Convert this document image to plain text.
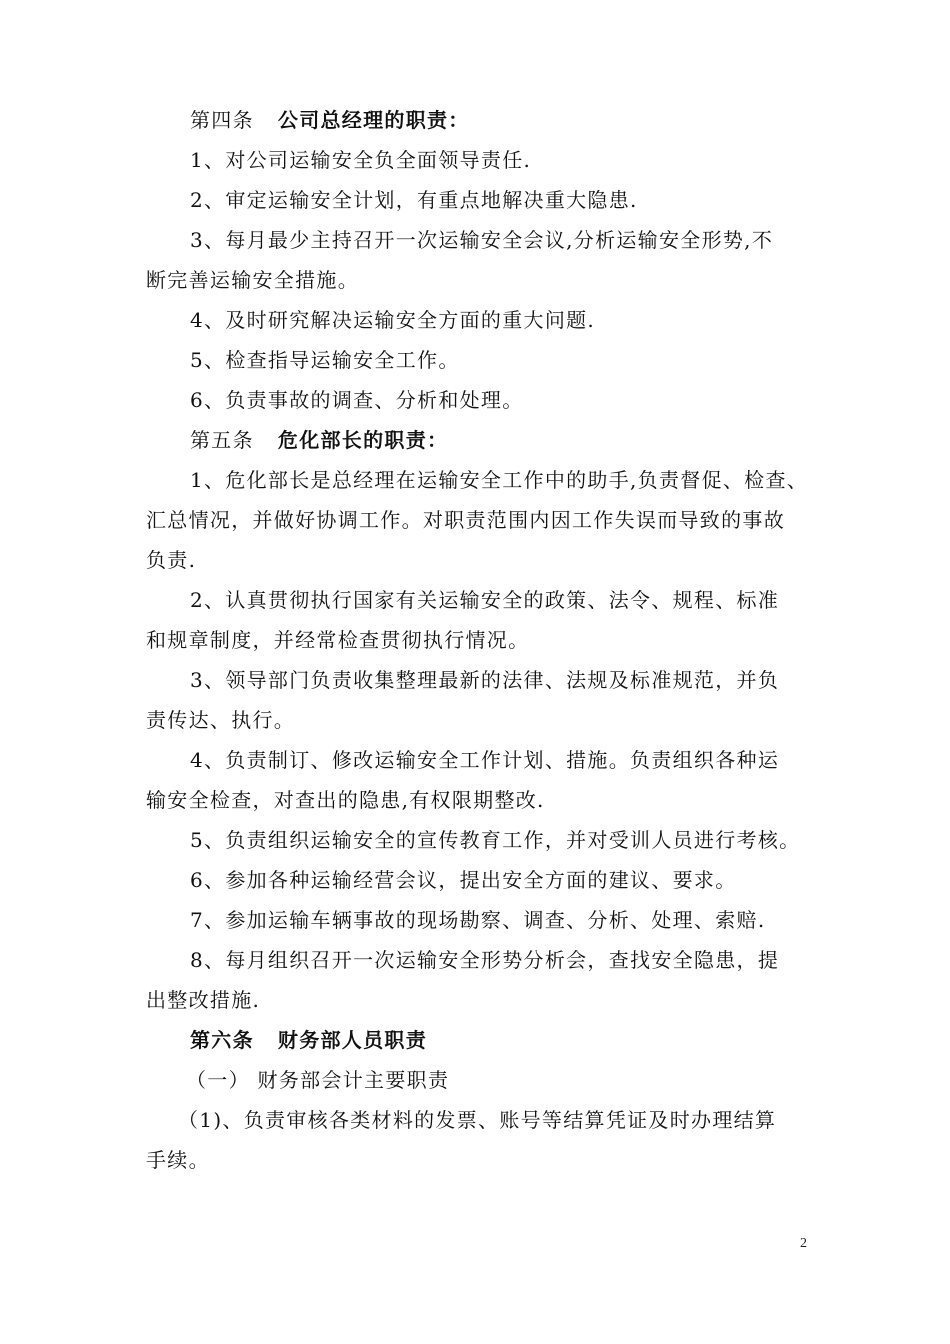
第四条 公司总经理的职责：
1、对公司运输安全负全面领导责任.
2、审定运输安全计划，有重点地解决重大隐患.
3、每月最少主持召开一次运输安全会议,分析运输安全形势,不
断完善运输安全措施。
4、及时研究解决运输安全方面的重大问题.
5、检查指导运输安全工作。
6、负责事故的调查、分析和处理。
第五条 危化部长的职责：
1、危化部长是总经理在运输安全工作中的助手,负责督促、检查、
汇总情况，并做好协调工作。对职责范围内因工作失误而导致的事故
负责.
2、认真贯彻执行国家有关运输安全的政策、法令、规程、标准
和规章制度，并经常检查贯彻执行情况。
3、领导部门负责收集整理最新的法律、法规及标准规范，并负
责传达、执行。
4、负责制订、修改运输安全工作计划、措施。负责组织各种运
输安全检查，对查出的隐患,有权限期整改.
5、负责组织运输安全的宣传教育工作，并对受训人员进行考核。
6、参加各种运输经营会议，提出安全方面的建议、要求。
7、参加运输车辆事故的现场勘察、调查、分析、处理、索赔.
8、每月组织召开一次运输安全形势分析会，查找安全隐患，提
出整改措施.
第六条 财务部人员职责
（一） 财务部会计主要职责
（1)、负责审核各类材料的发票、账号等结算凭证及时办理结算
手续。
2
